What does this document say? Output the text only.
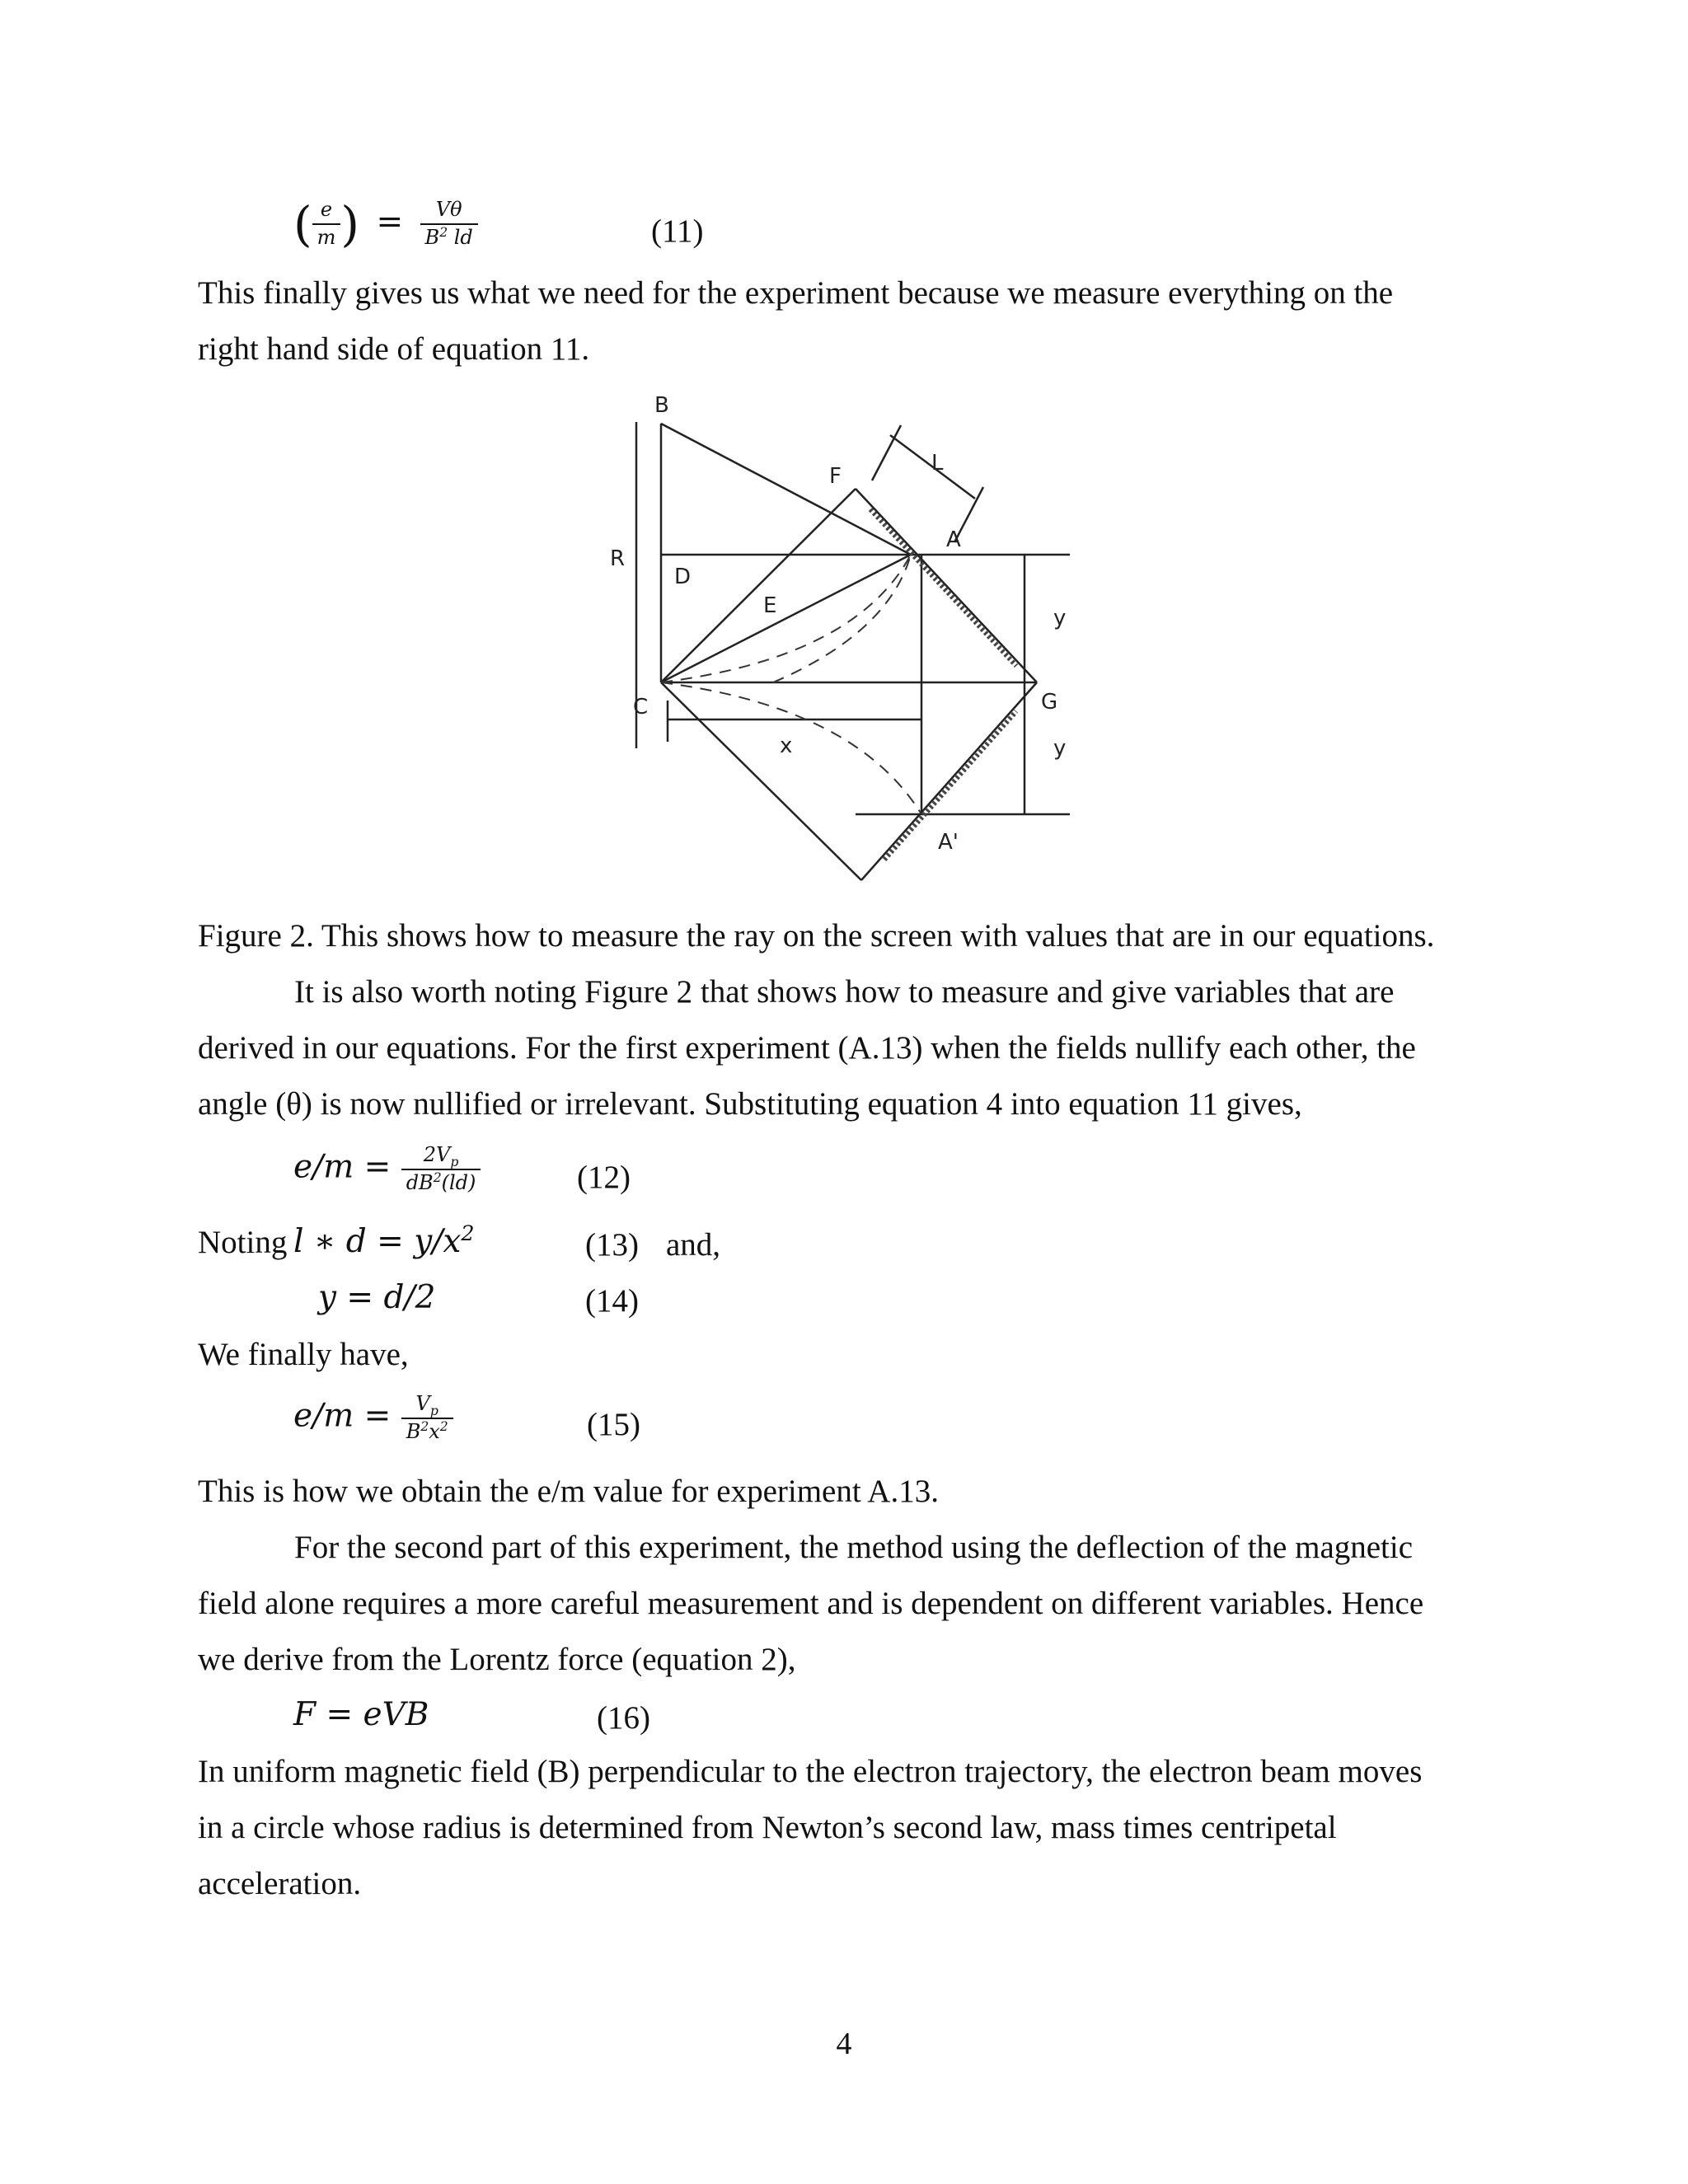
( $\frac{e}{m}$ ) = $\frac{V\theta}{B^2 ld}$	(11)
This finally gives us what we need for the experiment because we measure everything on the
right hand side of equation 11.
B
F
L
A
R
D
E	y
C	G
y
x
A'
Figure 2. This shows how to measure the ray on the screen with values that are in our equations.
It is also worth noting Figure 2 that shows how to measure and give variables that are
derived in our equations. For the first experiment (A.13) when the fields nullify each other, the
angle (θ) is now nullified or irrelevant. Substituting equation 4 into equation 11 gives,
$e/m = \frac{2V_p}{dB^2(ld)}$	(12)
Noting l ∗ $d = y/x^2$	(13) and,
y = d/2	(14)
We finally have,
$e/m = \frac{V_p}{B^2x^2}$	(15)
This is how we obtain the e/m value for experiment A.13.
For the second part of this experiment, the method using the deflection of the magnetic
field alone requires a more careful measurement and is dependent on different variables. Hence
we derive from the Lorentz force (equation 2),
F = eVB	(16)
In uniform magnetic field (B) perpendicular to the electron trajectory, the electron beam moves
in a circle whose radius is determined from Newton’s second law, mass times centripetal
acceleration.
4
